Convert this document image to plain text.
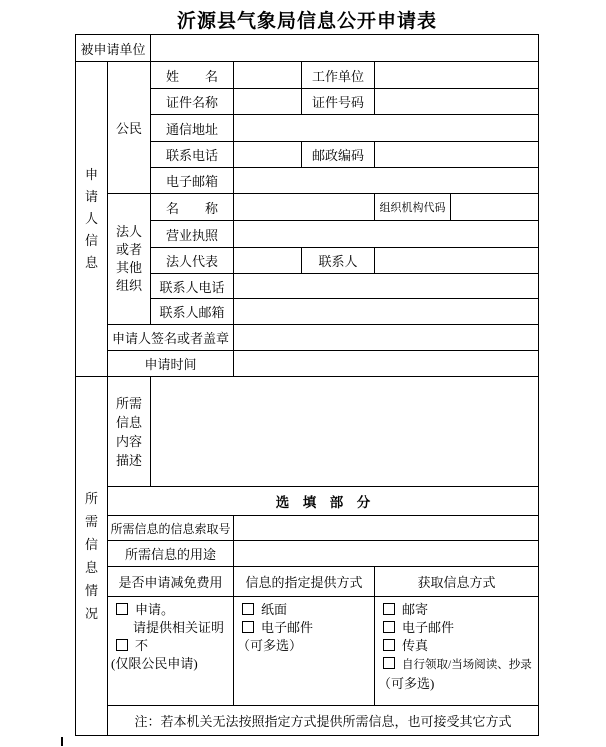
沂源县气象局信息公开申请表
被申请单位						

申请人信息	公民	姓　　名		工作单位		
		证件名称		证件号码		
		通信地址				
		联系电话		邮政编码		
		电子邮箱				

	法人或者其他组织	名　　称			组织机构代码	
		营业执照				
		法人代表		联系人		
		联系人电话				
		联系人邮箱				
	申请人签名或者盖章					
	申请时间					

所需信息情况	所需信息内容描述					

	选　填　部　分					
	所需信息的信息索取号					
	所需信息的用途					
	是否申请减免费用		信息的指定提供方式		获取信息方式	

申请。
请提供相关证明
不
(仅限公民申请)

纸面
电子邮件
（可多选）

邮寄
电子邮件
传真
自行领取/当场阅读、抄录
（可多选)

	注：若本机关无法按照指定方式提供所需信息，也可接受其它方式					
